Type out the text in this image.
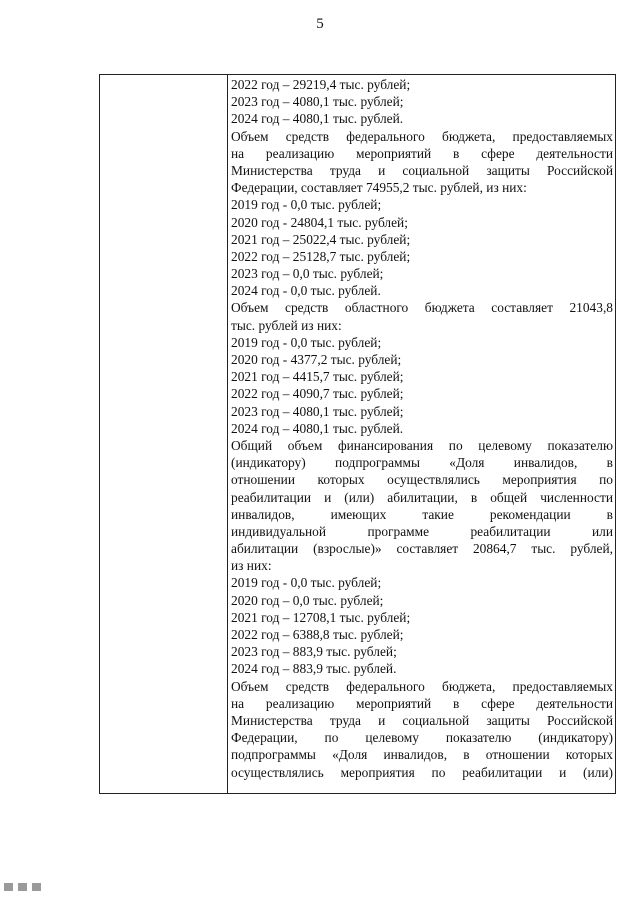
5
2022 год – 29219,4 тыс. рублей;
2023 год – 4080,1 тыс. рублей;
2024 год – 4080,1 тыс. рублей.
Объем средств федерального бюджета, предоставляемых
на реализацию мероприятий в сфере деятельности
Министерства труда и социальной защиты Российской
Федерации, составляет 74955,2 тыс. рублей, из них:
2019 год - 0,0 тыс. рублей;
2020 год - 24804,1 тыс. рублей;
2021 год – 25022,4 тыс. рублей;
2022 год – 25128,7 тыс. рублей;
2023 год – 0,0 тыс. рублей;
2024 год - 0,0 тыс. рублей.
Объем средств областного бюджета составляет 21043,8
тыс. рублей из них:
2019 год - 0,0 тыс. рублей;
2020 год - 4377,2 тыс. рублей;
2021 год – 4415,7 тыс. рублей;
2022 год – 4090,7 тыс. рублей;
2023 год – 4080,1 тыс. рублей;
2024 год – 4080,1 тыс. рублей.
Общий объем финансирования по целевому показателю
(индикатору) подпрограммы «Доля инвалидов, в
отношении которых осуществлялись мероприятия по
реабилитации и (или) абилитации, в общей численности
инвалидов, имеющих такие рекомендации в
индивидуальной программе реабилитации или
абилитации (взрослые)» составляет 20864,7 тыс. рублей,
из них:
2019 год - 0,0 тыс. рублей;
2020 год – 0,0 тыс. рублей;
2021 год – 12708,1 тыс. рублей;
2022 год – 6388,8 тыс. рублей;
2023 год – 883,9 тыс. рублей;
2024 год – 883,9 тыс. рублей.
Объем средств федерального бюджета, предоставляемых
на реализацию мероприятий в сфере деятельности
Министерства труда и социальной защиты Российской
Федерации, по целевому показателю (индикатору)
подпрограммы «Доля инвалидов, в отношении которых
осуществлялись мероприятия по реабилитации и (или)
